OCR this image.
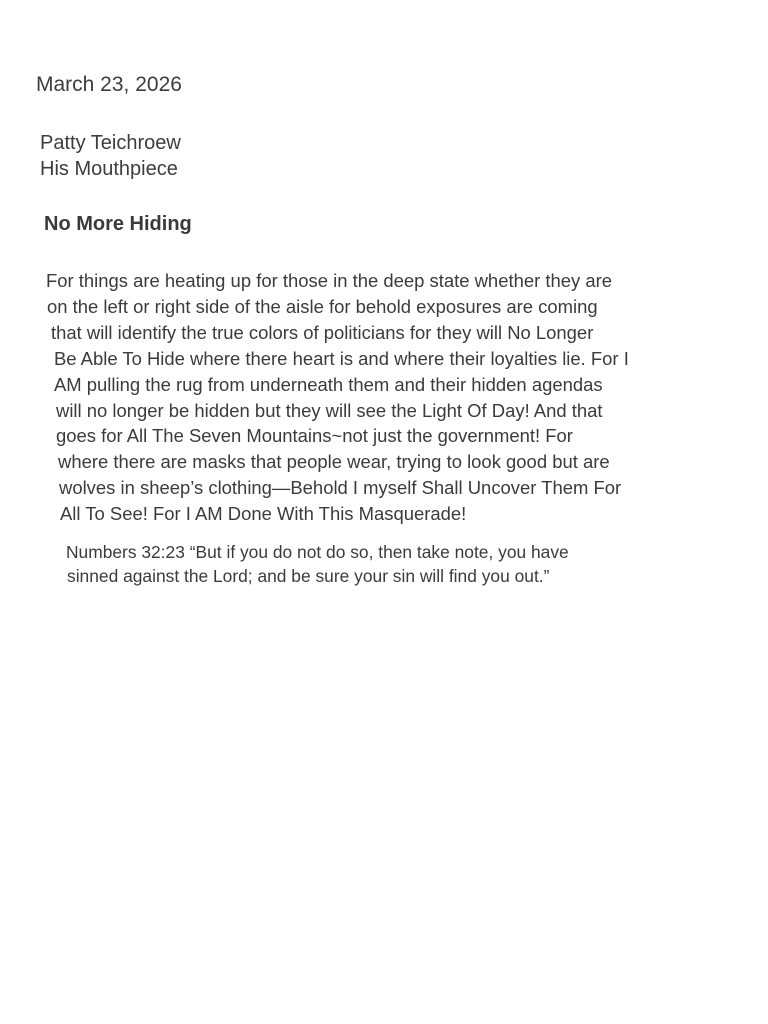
March 23, 2026
Patty Teichroew
His Mouthpiece
No More Hiding
For things are heating up for those in the deep state whether they are
on the left or right side of the aisle for behold exposures are coming
that will identify the true colors of politicians for they will No Longer
Be Able To Hide where there heart is and where their loyalties lie. For I
AM pulling the rug from underneath them and their hidden agendas
will no longer be hidden but they will see the Light Of Day! And that
goes for All The Seven Mountains~not just the government! For
where there are masks that people wear, trying to look good but are
wolves in sheep’s clothing—Behold I myself Shall Uncover Them For
All To See! For I AM Done With This Masquerade!
Numbers 32:23 “But if you do not do so, then take note, you have
sinned against the Lord; and be sure your sin will find you out.”
